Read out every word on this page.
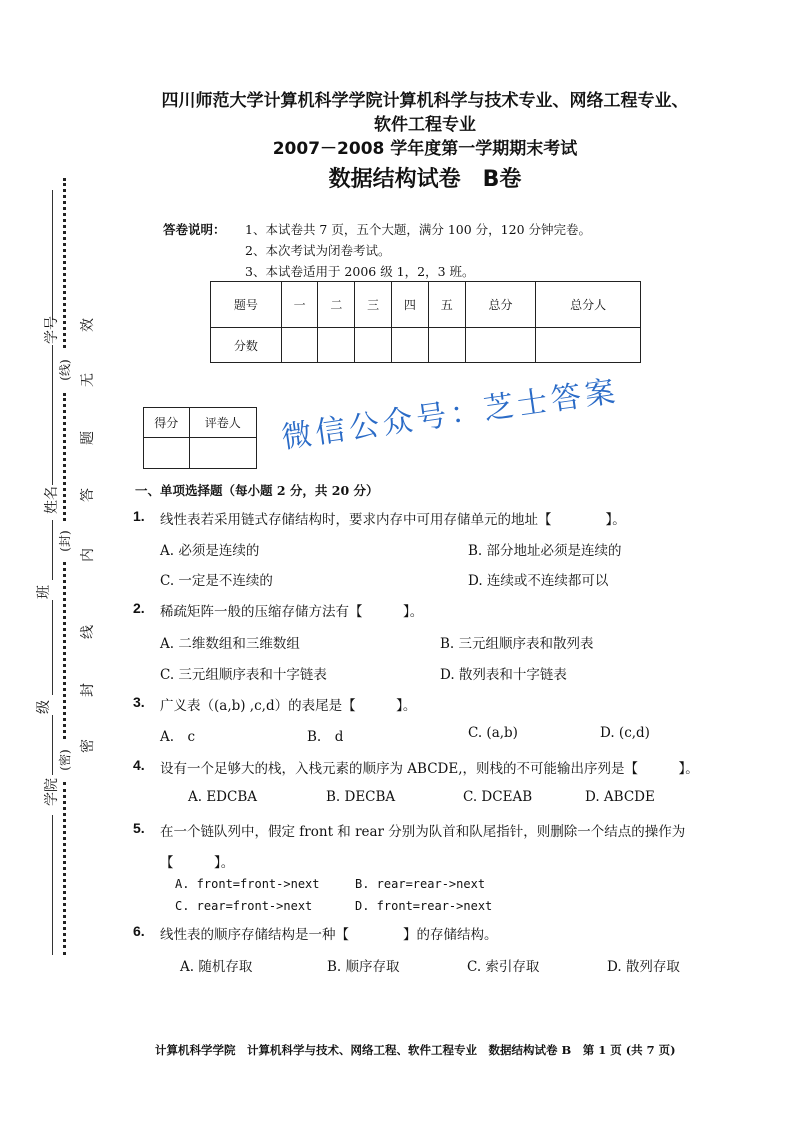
四川师范大学计算机科学学院计算机科学与技术专业、网络工程专业、
软件工程专业
2007－2008 学年度第一学期期末考试
数据结构试卷　B卷
答卷说明： 1、本试卷共 7 页，五个大题，满分 100 分，120 分钟完卷。
2、本次考试为闭卷考试。
3、本试卷适用于 2006 级 1，2，3 班。
题号	一	二	三	四	五	总分	总分人
分数							
得分	评卷人
	微信公众号：芝士答案
一、单项选择题（每小题 2 分，共 20 分）
1. 线性表若采用链式存储结构时，要求内存中可用存储单元的地址【　　　　】。
A. 必须是连续的	B. 部分地址必须是连续的
C. 一定是不连续的	D. 连续或不连续都可以
2. 稀疏矩阵一般的压缩存储方法有【　　　】。
A. 二维数组和三维数组	B. 三元组顺序表和散列表
C. 三元组顺序表和十字链表	D. 散列表和十字链表
3. 广义表（(a,b) ,c,d）的表尾是【　　　】。
A.　c	B.　d	C. (a,b)	D. (c,d)
4. 设有一个足够大的栈，入栈元素的顺序为 ABCDE,，则栈的不可能输出序列是【　　　】。
A. EDCBA	B. DECBA	C. DCEAB	D. ABCDE
5. 在一个链队列中，假定 front 和 rear 分别为队首和队尾指针，则删除一个结点的操作为
【　　　】。
A. front=front->next	B. rear=rear->next
C. rear=front->next	D. front=rear->next
6. 线性表的顺序存储结构是一种【　　　　】的存储结构。
A. 随机存取	B. 顺序存取	C. 索引存取	D. 散列存取
学院
级
班
姓名
学号
(密)
(封)
(线)
密
封
线
内
答
题
无
效
计算机科学学院　计算机科学与技术、网络工程、软件工程专业　数据结构试卷 B　第 1 页 (共 7 页)
